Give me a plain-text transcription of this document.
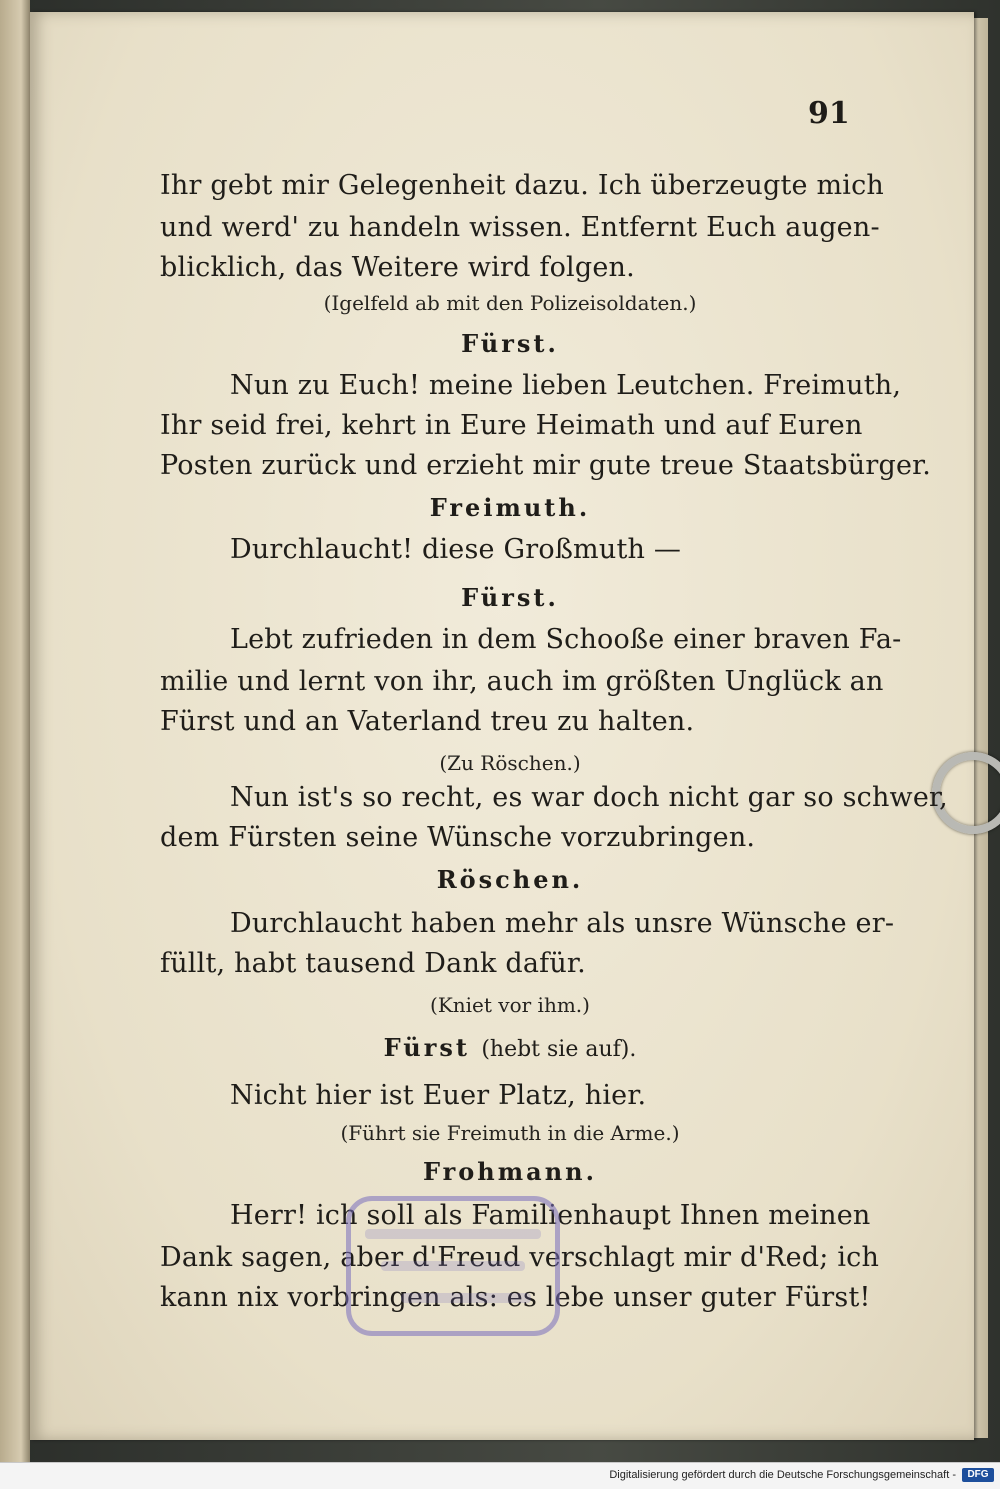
91
Ihr gebt mir Gelegenheit dazu. Ich überzeugte mich
und werd' zu handeln wissen. Entfernt Euch augen-
blicklich, das Weitere wird folgen.
(Igelfeld ab mit den Polizeisoldaten.)
Fürst.
Nun zu Euch! meine lieben Leutchen. Freimuth,
Ihr seid frei, kehrt in Eure Heimath und auf Euren
Posten zurück und erzieht mir gute treue Staatsbürger.
Freimuth.
Durchlaucht! diese Großmuth —
Fürst.
Lebt zufrieden in dem Schooße einer braven Fa-
milie und lernt von ihr, auch im größten Unglück an
Fürst und an Vaterland treu zu halten.
(Zu Röschen.)
Nun ist's so recht, es war doch nicht gar so schwer,
dem Fürsten seine Wünsche vorzubringen.
Röschen.
Durchlaucht haben mehr als unsre Wünsche er-
füllt, habt tausend Dank dafür.
(Kniet vor ihm.)
Fürst (hebt sie auf).
Nicht hier ist Euer Platz, hier.
(Führt sie Freimuth in die Arme.)
Frohmann.
Herr! ich soll als Familienhaupt Ihnen meinen
Dank sagen, aber d'Freud verschlagt mir d'Red; ich
kann nix vorbringen als: es lebe unser guter Fürst!
Digitalisierung gefördert durch die Deutsche Forschungsgemeinschaft -	DFG
